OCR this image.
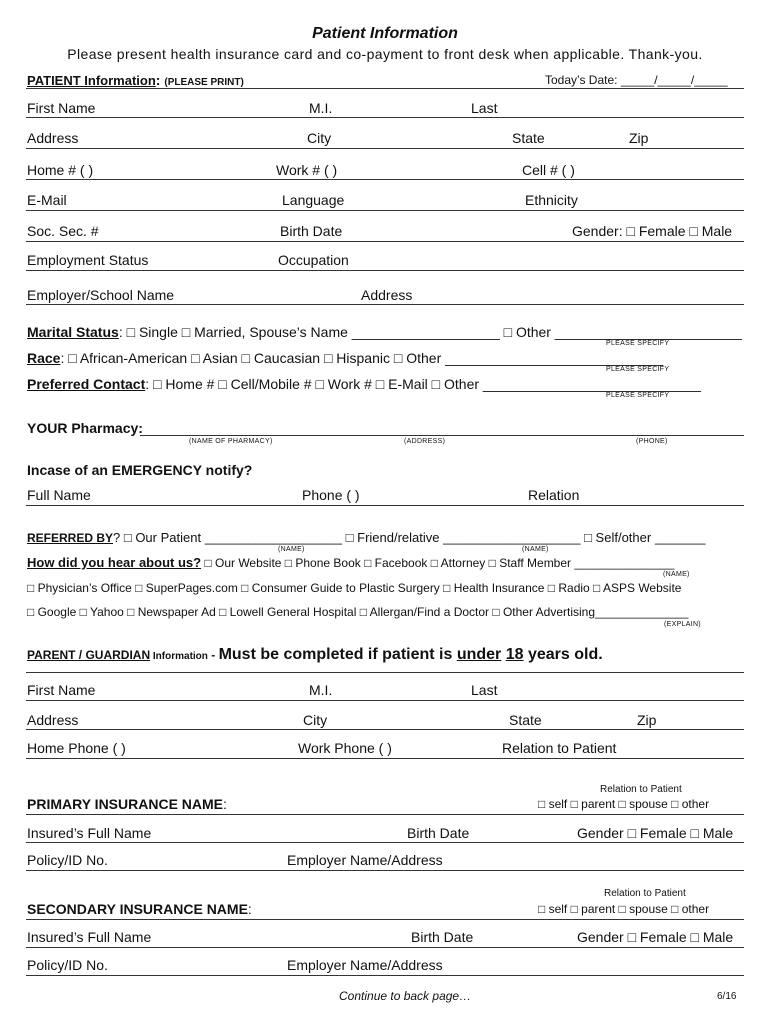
Patient Information
Please present health insurance card and co-payment to front desk when applicable. Thank-you.
PATIENT Information: (PLEASE PRINT)	Today’s Date: _____/_____/_____
First Name	M.I.	Last
Address	City	State	Zip
Home # ( )	Work # ( )	Cell # ( )
E-Mail	Language	Ethnicity
Soc. Sec. #	Birth Date	Gender: □ Female □ Male
Employment Status	Occupation
Employer/School Name	Address
Marital Status: □ Single □ Married, Spouse’s Name ___________________ □ Other ________________________
PLEASE SPECIFY
Race: □ African-American □ Asian □ Caucasian □ Hispanic □ Other ____________________________
PLEASE SPECIFY
Preferred Contact: □ Home # □ Cell/Mobile # □ Work # □ E-Mail □ Other ____________________________
PLEASE SPECIFY
YOUR Pharmacy:
(NAME OF PHARMACY)	(ADDRESS)	(PHONE)
Incase of an EMERGENCY notify?
Full Name	Phone ( )	Relation
REFERRED BY? □ Our Patient ___________________ □ Friend/relative ___________________ □ Self/other _______
(NAME)	(NAME)
How did you hear about us? □ Our Website □ Phone Book □ Facebook □ Attorney □ Staff Member _______________
(NAME)
□ Physician’s Office □ SuperPages.com □ Consumer Guide to Plastic Surgery □ Health Insurance □ Radio □ ASPS Website
□ Google □ Yahoo □ Newspaper Ad □ Lowell General Hospital □ Allergan/Find a Doctor □ Other Advertising______________
(EXPLAIN)
PARENT / GUARDIAN Information - Must be completed if patient is under 18 years old.
First Name	M.I.	Last
Address	City	State	Zip
Home Phone ( )	Work Phone ( )	Relation to Patient
Relation to Patient
PRIMARY INSURANCE NAME:	□ self □ parent □ spouse □ other
Insured’s Full Name	Birth Date	Gender □ Female □ Male
Policy/ID No.	Employer Name/Address
Relation to Patient
SECONDARY INSURANCE NAME:	□ self □ parent □ spouse □ other
Insured’s Full Name	Birth Date	Gender □ Female □ Male
Policy/ID No.	Employer Name/Address
Continue to back page…	6/16
